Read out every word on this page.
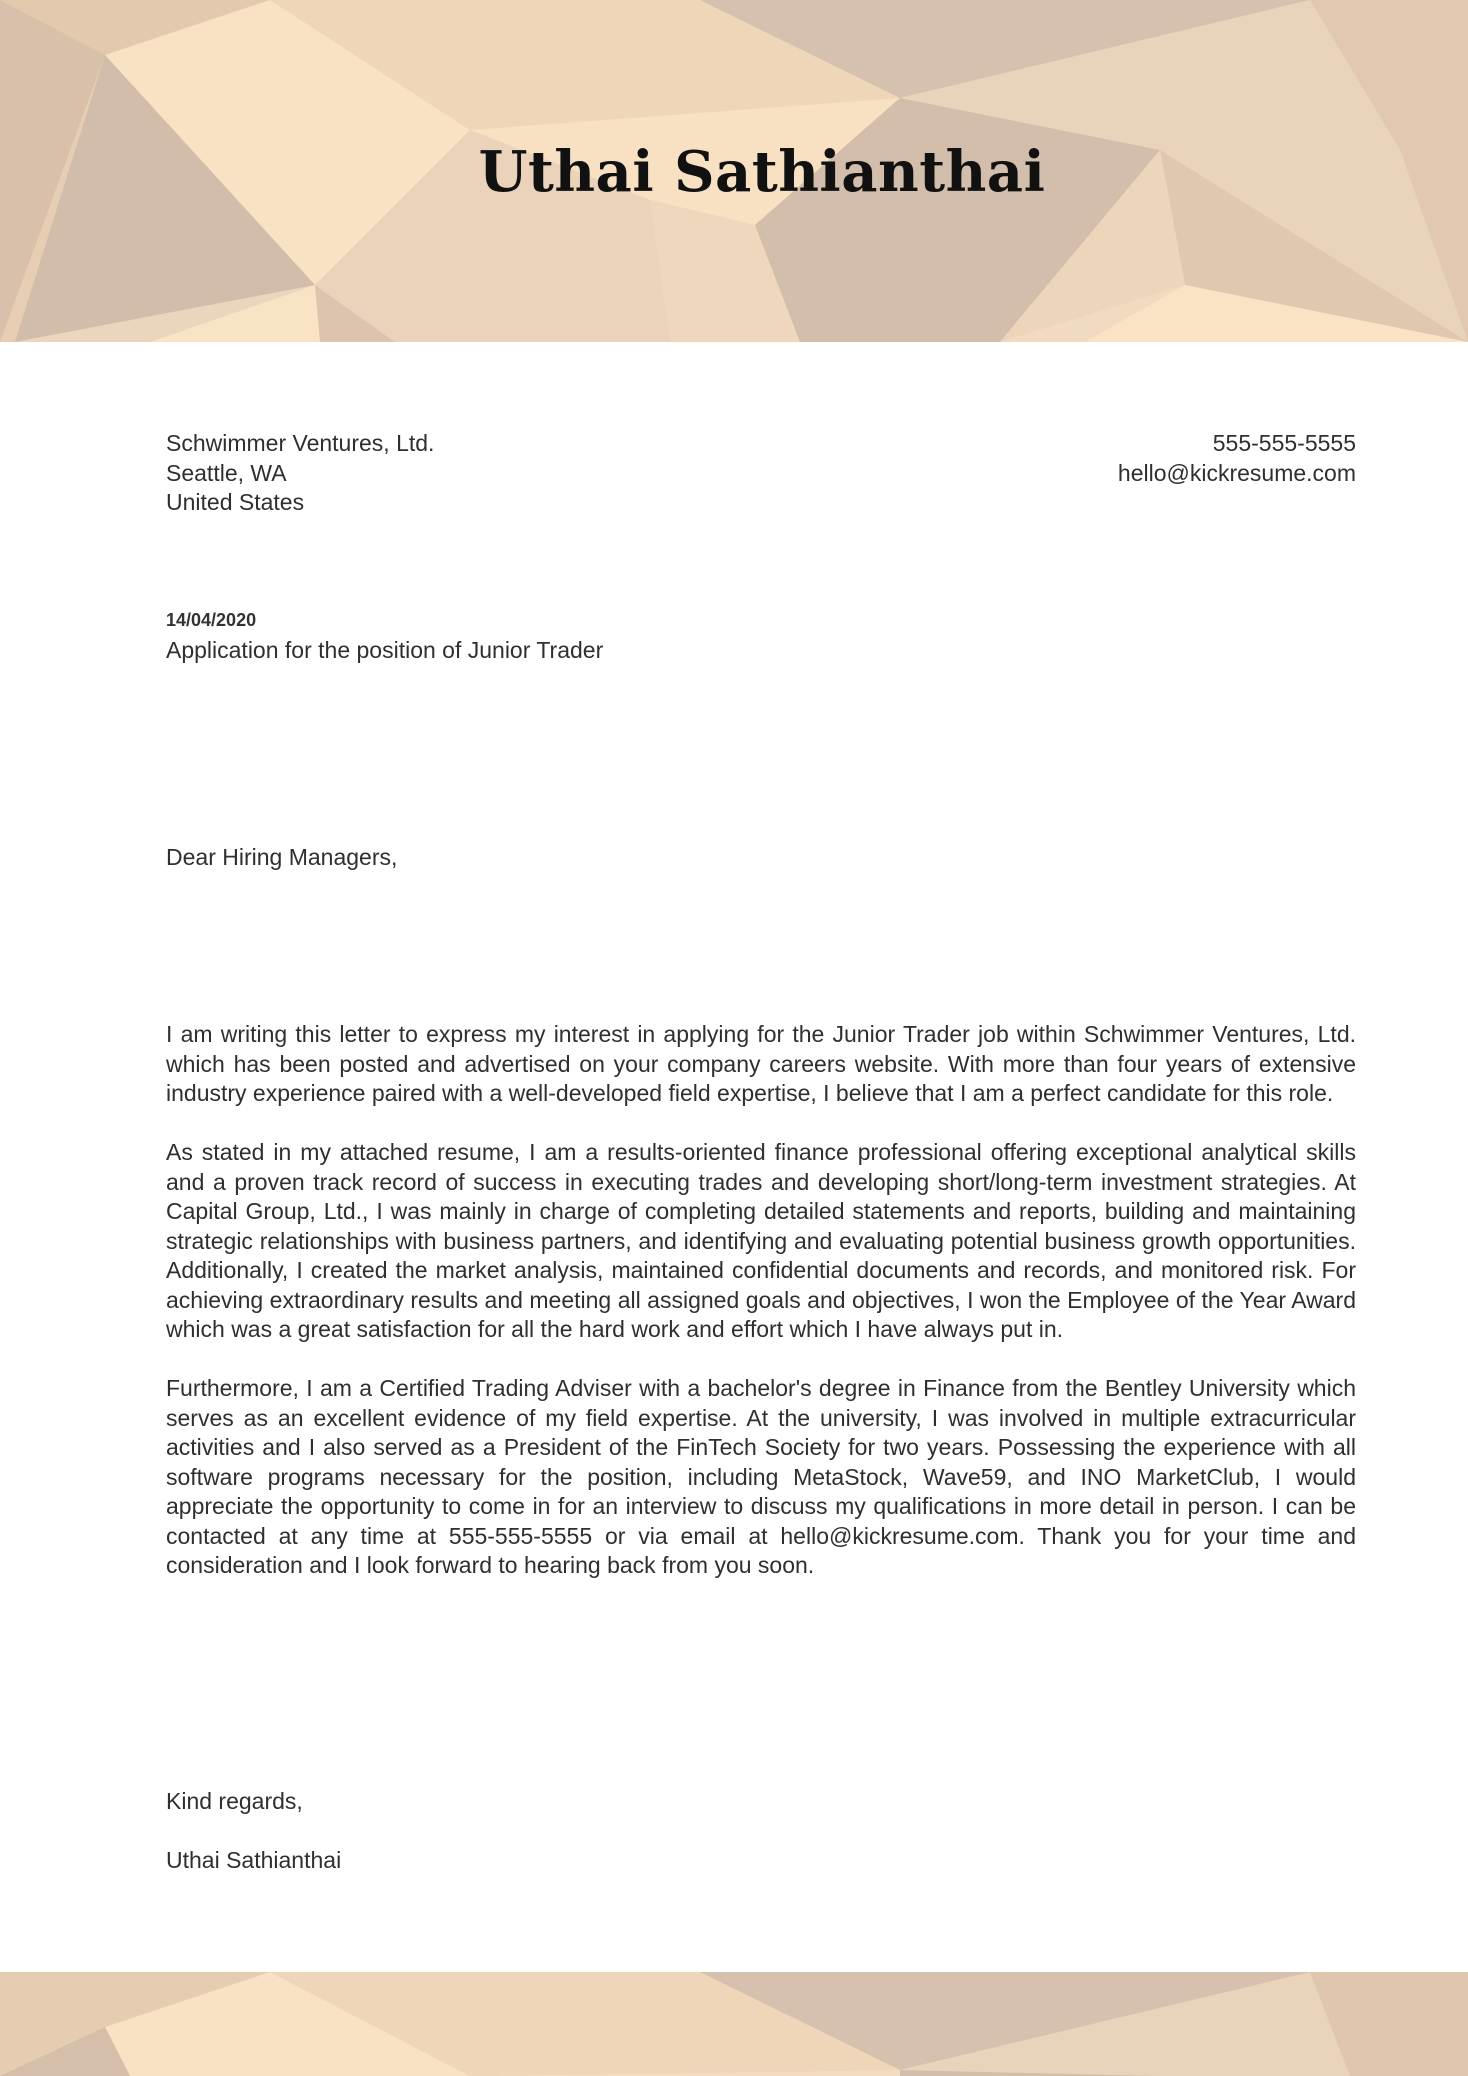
Uthai Sathianthai
Schwimmer Ventures, Ltd.
Seattle, WA
United States
555-555-5555
hello@kickresume.com
14/04/2020
Application for the position of Junior Trader
Dear Hiring Managers,

I am writing this letter to express my interest in applying for the Junior Trader job within Schwimmer Ventures, Ltd. which has been posted and advertised on your company careers website. With more than four years of extensive industry experience paired with a well-developed field expertise, I believe that I am a perfect candidate for this role.

As stated in my attached resume, I am a results-oriented finance professional offering exceptional analytical skills and a proven track record of success in executing trades and developing short/long-term investment strategies. At Capital Group, Ltd., I was mainly in charge of completing detailed statements and reports, building and maintaining strategic relationships with business partners, and identifying and evaluating potential business growth opportunities. Additionally, I created the market analysis, maintained confidential documents and records, and monitored risk. For achieving extraordinary results and meeting all assigned goals and objectives, I won the Employee of the Year Award which was a great satisfaction for all the hard work and effort which I have always put in.

Furthermore, I am a Certified Trading Adviser with a bachelor's degree in Finance from the Bentley University which serves as an excellent evidence of my field expertise. At the university, I was involved in multiple extracurricular activities and I also served as a President of the FinTech Society for two years. Possessing the experience with all software programs necessary for the position, including MetaStock, Wave59, and INO MarketClub, I would appreciate the opportunity to come in for an interview to discuss my qualifications in more detail in person. I can be contacted at any time at 555-555-5555 or via email at hello@kickresume.com. Thank you for your time and consideration and I look forward to hearing back from you soon.

Kind regards,
Uthai Sathianthai
